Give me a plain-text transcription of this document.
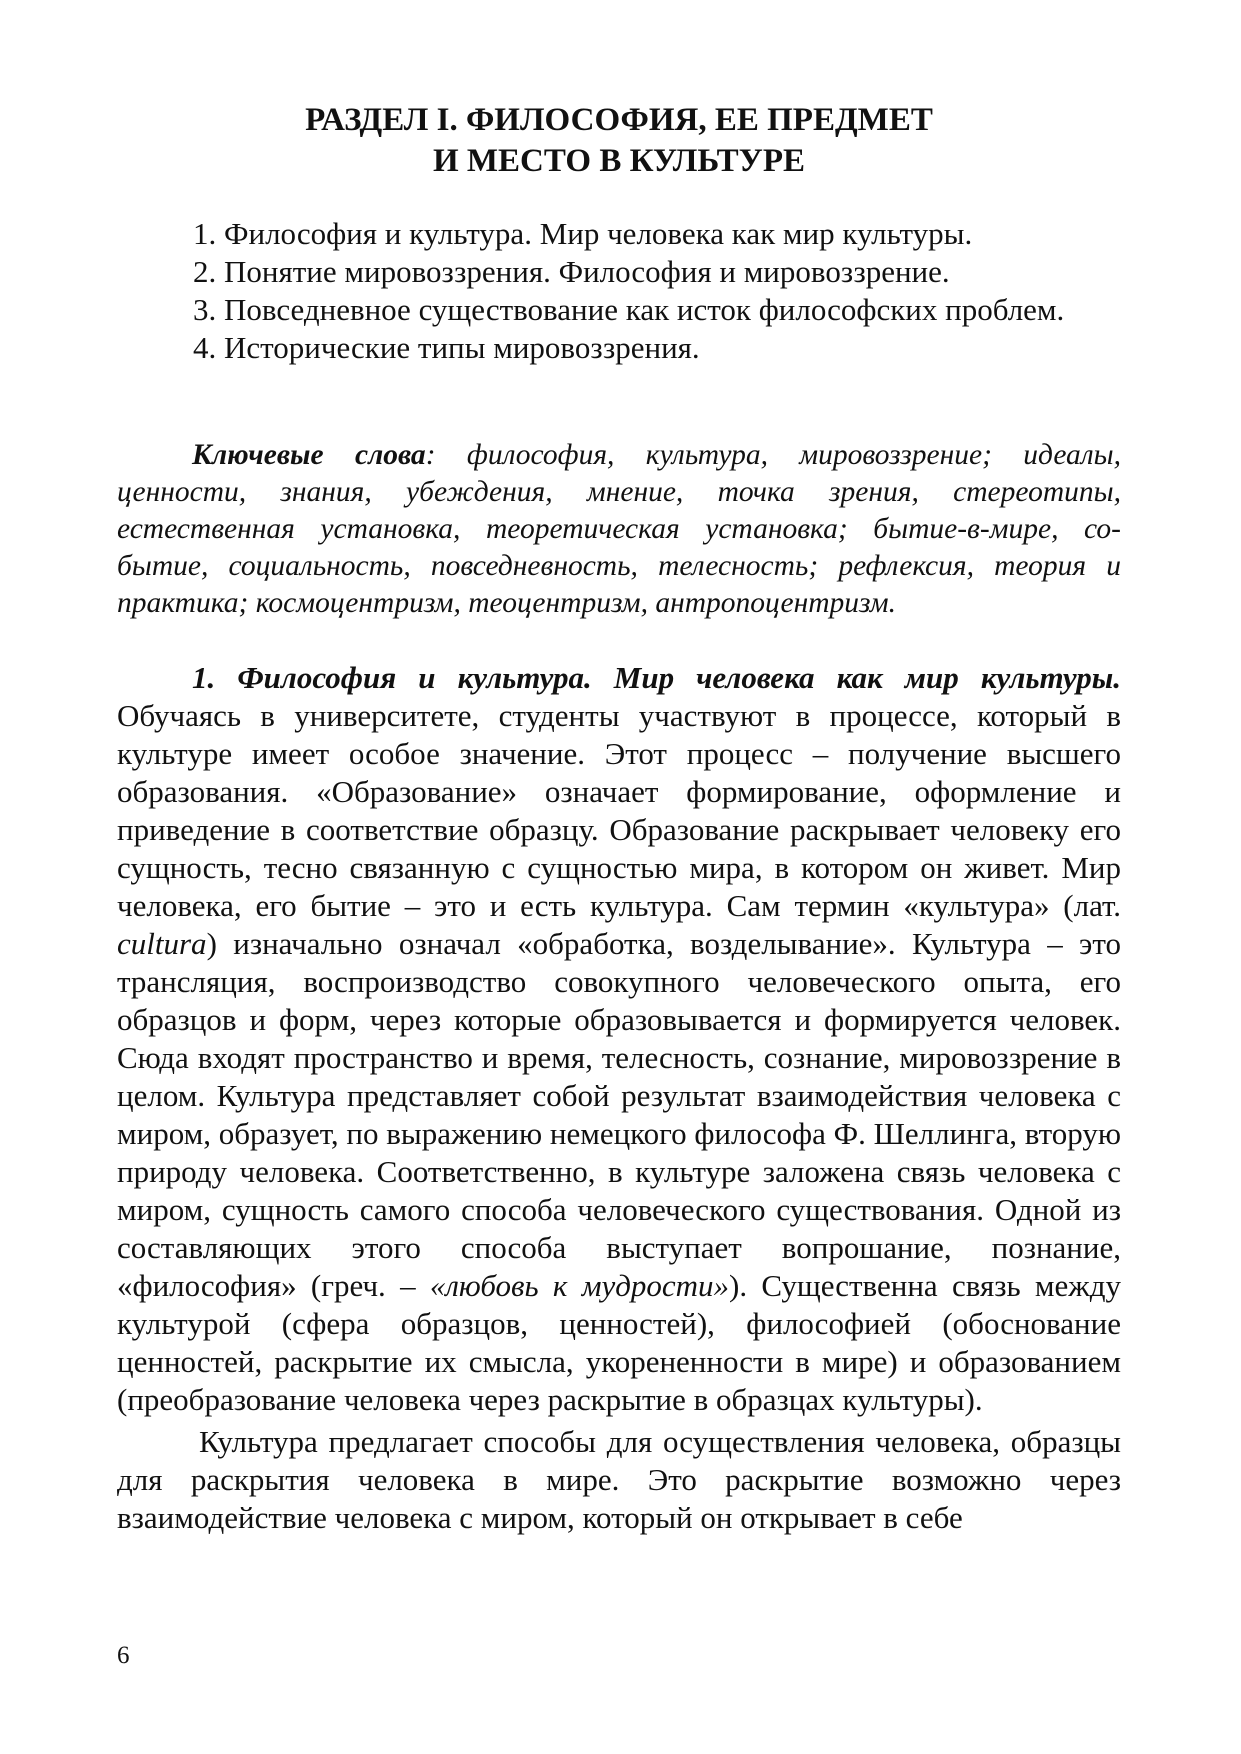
РАЗДЕЛ I. ФИЛОСОФИЯ, ЕЕ ПРЕДМЕТ
И МЕСТО В КУЛЬТУРЕ
1. Философия и культура. Мир человека как мир культуры.
2. Понятие мировоззрения. Философия и мировоззрение.
3. Повседневное существование как исток философских проблем.
4. Исторические типы мировоззрения.

Ключевые слова: философия, культура, мировоззрение; идеалы, ценности, знания, убеждения, мнение, точка зрения, стереотипы, естественная установка, теоретическая установка; бытие-в-мире, со-бытие, социальность, повседневность, телесность; рефлексия, теория и практика; космоцентризм, теоцентризм, антропоцентризм.

1. Философия и культура. Мир человека как мир культуры. Обучаясь в университете, студенты участвуют в процессе, который в культуре имеет особое значение. Этот процесс – получение высшего образования. «Образование» означает формирование, оформление и приведение в соответствие образцу. Образование раскрывает человеку его сущность, тесно связанную с сущностью мира, в котором он живет. Мир человека, его бытие – это и есть культура. Сам термин «культура» (лат. cultura) изначально означал «обработка, возделывание». Культура – это трансляция, воспроизводство совокупного человеческого опыта, его образцов и форм, через которые образовывается и формируется человек. Сюда входят пространство и время, телесность, сознание, мировоззрение в целом. Культура представляет собой результат взаимодействия человека с миром, образует, по выражению немецкого философа Ф. Шеллинга, вторую природу человека. Соответственно, в культуре заложена связь человека с миром, сущность самого способа человеческого существования. Одной из составляющих этого способа выступает вопрошание, познание, «философия» (греч. – «любовь к мудрости»). Существенна связь между культурой (сфера образцов, ценностей), философией (обоснование ценностей, раскрытие их смысла, укорененности в мире) и образованием (преобразование человека через раскрытие в образцах культуры).

Культура предлагает способы для осуществления человека, образцы для раскрытия человека в мире. Это раскрытие возможно через взаимодействие человека с миром, который он открывает в себе

6
